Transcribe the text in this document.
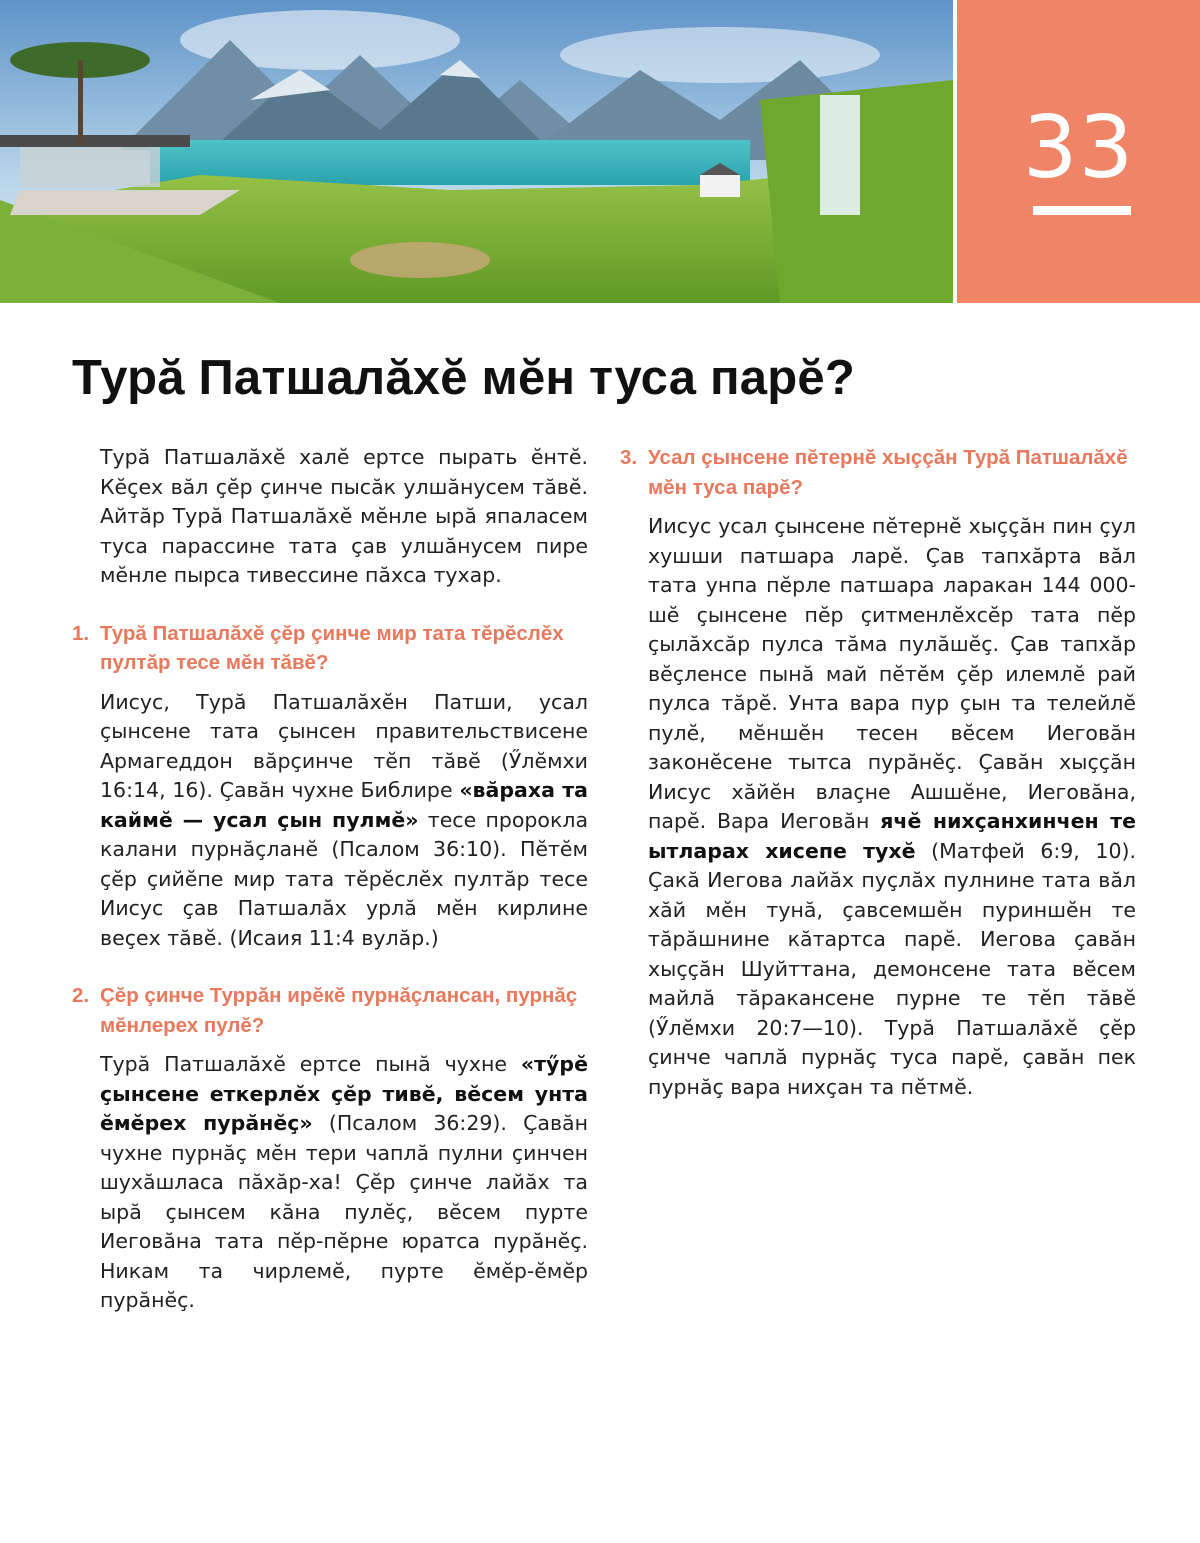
33
Турă Патшалăхĕ мĕн туса парĕ?

Турă Патшалăхĕ халĕ ертсе пырать ĕнтĕ. Кĕçех вăл çĕр çинче пысăк улшăнусем тăвĕ. Айтăр Турă Патшалăхĕ мĕнле ырă япаласем туса парассине тата çав улшăнусем пире мĕнле пырса тивессине пăхса тухар.

1. Турă Патшалăхĕ çĕр çинче мир тата тĕрĕслĕх пултăр тесе мĕн тăвĕ?

Иисус, Турă Патшалăхĕн Патши, усал çынсене тата çынсен правительствисене Армагеддон вăрçинче тĕп тăвĕ (Ӳлĕмхи 16:14, 16). Çавăн чухне Библире «вăраха та каймĕ — усал çын пулмĕ» тесе пророкла калани пурнăçланĕ (Псалом 36:10). Пĕтĕм çĕр çийĕпе мир тата тĕрĕслĕх пултăр тесе Иисус çав Патшалăх урлă мĕн кирлине веçех тăвĕ. (Исаия 11:4 вулăр.)

2. Çĕр çинче Туррăн ирĕкĕ пурнăçлансан, пурнăç мĕнлерех пулĕ?

Турă Патшалăхĕ ертсе пынă чухне «тӳрĕ çынсене еткерлĕх çĕр тивĕ, вĕсем унта ĕмĕрех пурăнĕç» (Псалом 36:29). Çавăн чухне пурнăç мĕн тери чаплă пулни çинчен шухăшласа пăхăр-ха! Çĕр çинче лайăх та ырă çынсем кăна пулĕç, вĕсем пурте Иеговăна тата пĕр-пĕрне юратса пурăнĕç. Никам та чирлемĕ, пурте ĕмĕр-ĕмĕр пурăнĕç.

3. Усал çынсене пĕтернĕ хыççăн Турă Патшалăхĕ мĕн туса парĕ?

Иисус усал çынсене пĕтернĕ хыççăн пин çул хушши патшара ларĕ. Çав тапхăрта вăл тата унпа пĕрле патшара ларакан 144 000-шĕ çынсене пĕр çитменлĕхсĕр тата пĕр çылăхсăр пулса тăма пулăшĕç. Çав тапхăр вĕçленсе пынă май пĕтĕм çĕр илемлĕ рай пулса тăрĕ. Унта вара пур çын та телейлĕ пулĕ, мĕншĕн тесен вĕсем Иеговăн законĕсене тытса пурăнĕç. Çавăн хыççăн Иисус хăйĕн влаçне Ашшĕне, Иеговăна, парĕ. Вара Иеговăн ячĕ нихçанхинчен те ытларах хисепе тухĕ (Матфей 6:9, 10). Çакă Иегова лайăх пуçлăх пулнине тата вăл хăй мĕн тунă, çавсемшĕн пуриншĕн те тăрăшнине кăтартса парĕ. Иегова çавăн хыççăн Шуйттана, демонсене тата вĕсем майлă тăракансене пурне те тĕп тăвĕ (Ӳлĕмхи 20:7—10). Турă Патшалăхĕ çĕр çинче чаплă пурнăç туса парĕ, çавăн пек пурнăç вара нихçан та пĕтмĕ.
